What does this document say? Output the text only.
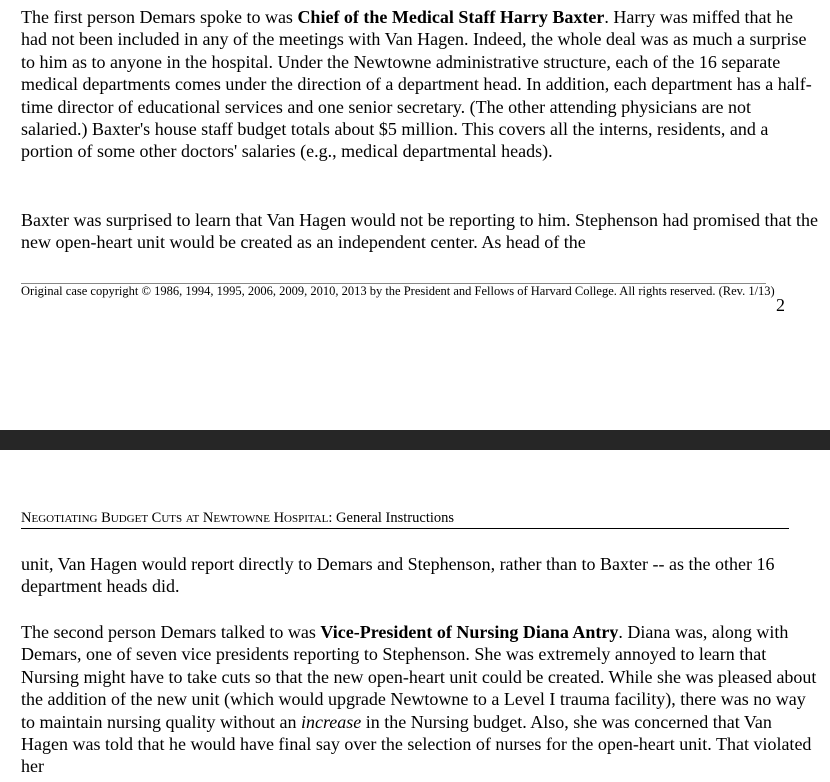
The first person Demars spoke to was Chief of the Medical Staff Harry Baxter. Harry was miffed that he had not been included in any of the meetings with Van Hagen. Indeed, the whole deal was as much a surprise to him as to anyone in the hospital. Under the Newtowne administrative structure, each of the 16 separate medical departments comes under the direction of a department head. In addition, each department has a half-time director of educational services and one senior secretary. (The other attending physicians are not salaried.) Baxter's house staff budget totals about $5 million. This covers all the interns, residents, and a portion of some other doctors' salaries (e.g., medical departmental heads).

Baxter was surprised to learn that Van Hagen would not be reporting to him. Stephenson had promised that the new open-heart unit would be created as an independent center. As head of the

Original case copyright © 1986, 1994, 1995, 2006, 2009, 2010, 2013 by the President and Fellows of Harvard College. All rights reserved. (Rev. 1/13)
2
NEGOTIATING BUDGET CUTS AT NEWTOWNE HOSPITAL: General Instructions

unit, Van Hagen would report directly to Demars and Stephenson, rather than to Baxter -- as the other 16 department heads did.

The second person Demars talked to was Vice-President of Nursing Diana Antry. Diana was, along with Demars, one of seven vice presidents reporting to Stephenson. She was extremely annoyed to learn that Nursing might have to take cuts so that the new open-heart unit could be created. While she was pleased about the addition of the new unit (which would upgrade Newtowne to a Level I trauma facility), there was no way to maintain nursing quality without an increase in the Nursing budget. Also, she was concerned that Van Hagen was told that he would have final say over the selection of nurses for the open-heart unit. That violated her
